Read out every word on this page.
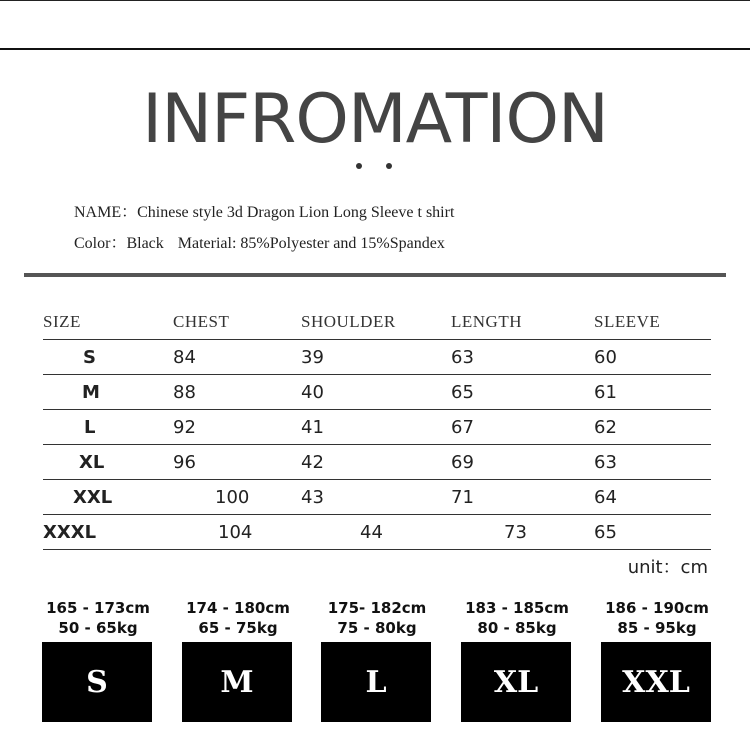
INFROMATION
NAME：Chinese style 3d Dragon Lion Long Sleeve t shirt
Color：Black Material: 85%Polyester and 15%Spandex
SIZE	CHEST	SHOULDER	LENGTH	SLEEVE
S	84	39	63	60
M	88	40	65	61
L	92	41	67	62
XL	96	42	69	63
XXL	100	43	71	64
XXXL	104	44	73	65
unit：cm
165 - 173cm
50 - 65kg
S
174 - 180cm
65 - 75kg
M
175- 182cm
75 - 80kg
L
183 - 185cm
80 - 85kg
XL
186 - 190cm
85 - 95kg
XXL
